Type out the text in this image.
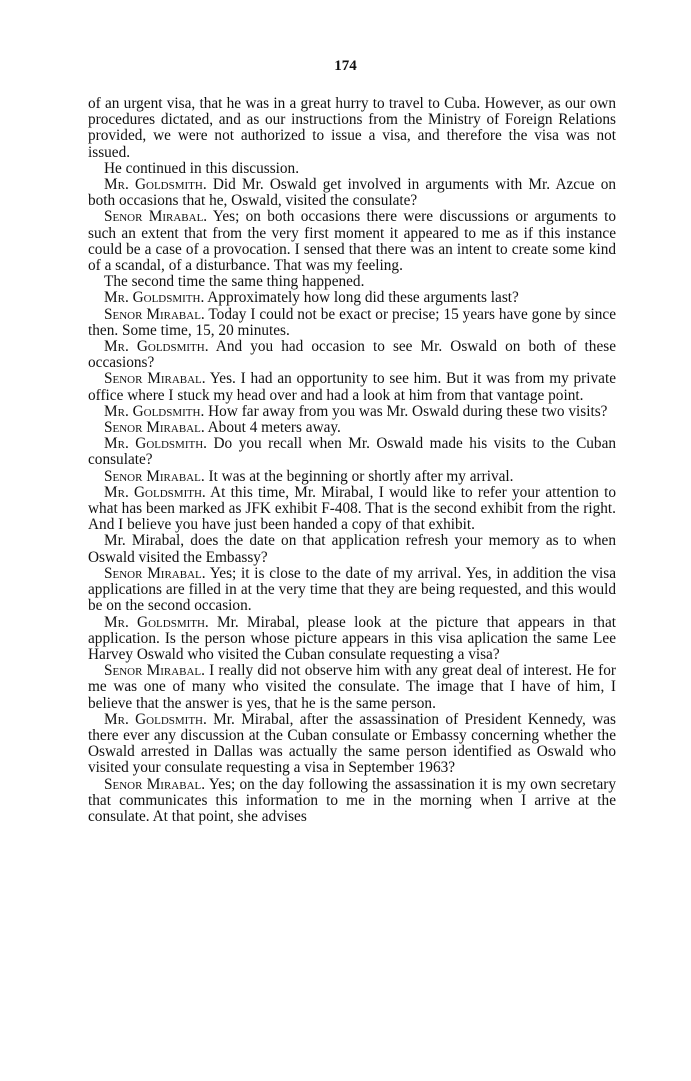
174

of an urgent visa, that he was in a great hurry to travel to Cuba. However, as our own procedures dictated, and as our instructions from the Ministry of Foreign Relations provided, we were not authorized to issue a visa, and therefore the visa was not issued.

He continued in this discussion.

Mr. Goldsmith. Did Mr. Oswald get involved in arguments with Mr. Azcue on both occasions that he, Oswald, visited the consulate?

Senor Mirabal. Yes; on both occasions there were discussions or arguments to such an extent that from the very first moment it appeared to me as if this instance could be a case of a provocation. I sensed that there was an intent to create some kind of a scandal, of a disturbance. That was my feeling.

The second time the same thing happened.

Mr. Goldsmith. Approximately how long did these arguments last?

Senor Mirabal. Today I could not be exact or precise; 15 years have gone by since then. Some time, 15, 20 minutes.

Mr. Goldsmith. And you had occasion to see Mr. Oswald on both of these occasions?

Senor Mirabal. Yes. I had an opportunity to see him. But it was from my private office where I stuck my head over and had a look at him from that vantage point.

Mr. Goldsmith. How far away from you was Mr. Oswald during these two visits?

Senor Mirabal. About 4 meters away.

Mr. Goldsmith. Do you recall when Mr. Oswald made his visits to the Cuban consulate?

Senor Mirabal. It was at the beginning or shortly after my arrival.

Mr. Goldsmith. At this time, Mr. Mirabal, I would like to refer your attention to what has been marked as JFK exhibit F-408. That is the second exhibit from the right. And I believe you have just been handed a copy of that exhibit.

Mr. Mirabal, does the date on that application refresh your memory as to when Oswald visited the Embassy?

Senor Mirabal. Yes; it is close to the date of my arrival. Yes, in addition the visa applications are filled in at the very time that they are being requested, and this would be on the second occasion.

Mr. Goldsmith. Mr. Mirabal, please look at the picture that appears in that application. Is the person whose picture appears in this visa aplication the same Lee Harvey Oswald who visited the Cuban consulate requesting a visa?

Senor Mirabal. I really did not observe him with any great deal of interest. He for me was one of many who visited the consulate. The image that I have of him, I believe that the answer is yes, that he is the same person.

Mr. Goldsmith. Mr. Mirabal, after the assassination of President Kennedy, was there ever any discussion at the Cuban consulate or Embassy concerning whether the Oswald arrested in Dallas was actually the same person identified as Oswald who visited your consulate requesting a visa in September 1963?

Senor Mirabal. Yes; on the day following the assassination it is my own secretary that communicates this information to me in the morning when I arrive at the consulate. At that point, she advises
